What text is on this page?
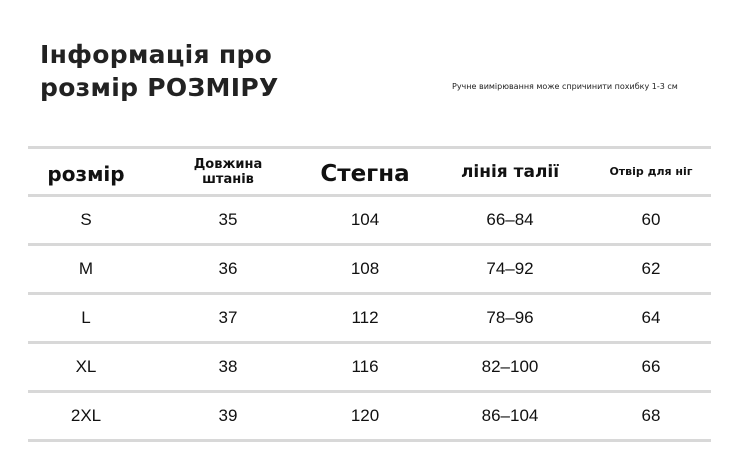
Інформація про
розмір РОЗМІРУ	Ручне вимірювання може спричинити похибку 1-3 см
розмір	Довжина штанів	Стегна	лінія талії	Отвір для ніг
S	35	104	66–84	60
M	36	108	74–92	62
L	37	112	78–96	64
XL	38	116	82–100	66
2XL	39	120	86–104	68
